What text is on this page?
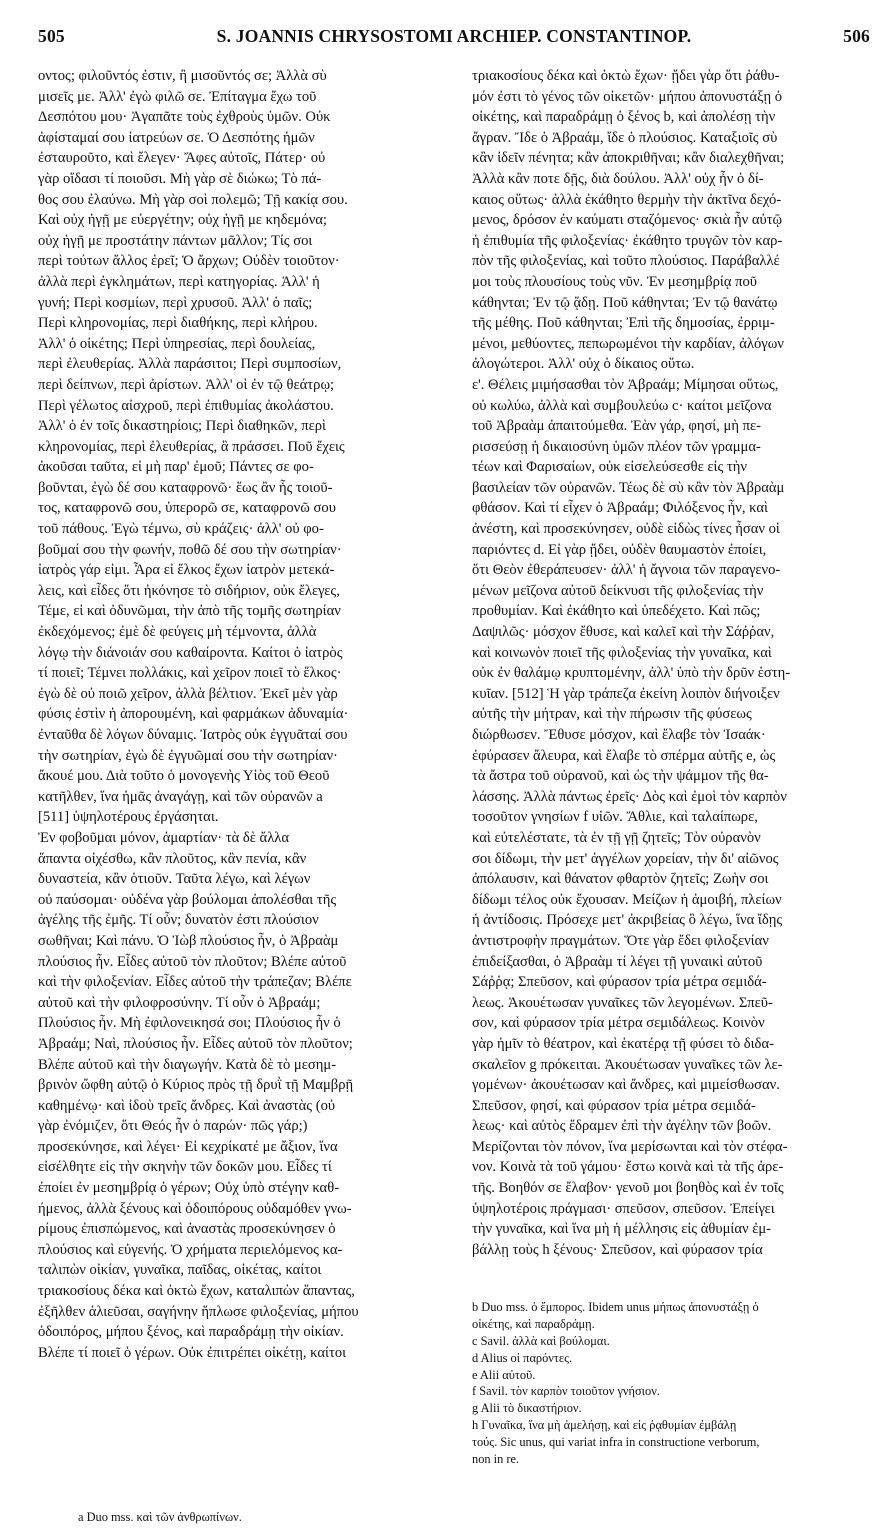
505	S. JOANNIS CHRYSOSTOMI ARCHIEP. CONSTANTINOP.	506
οντος; φιλοῦντός ἐστιν, ἢ μισοῦντός σε; Ἀλλὰ σὺ
μισεῖς με. Ἀλλ' ἐγὼ φιλῶ σε. Ἐπίταγμα ἔχω τοῦ
Δεσπότου μου· Ἀγαπᾶτε τοὺς ἐχθροὺς ὑμῶν. Οὐκ
ἀφίσταμαί σου ἰατρεύων σε. Ὁ Δεσπότης ἡμῶν
ἐσταυροῦτο, καὶ ἔλεγεν· Ἄφες αὐτοῖς, Πάτερ· οὐ
γὰρ οἴδασι τί ποιοῦσι. Μὴ γὰρ σὲ διώκω; Τὸ πά-
θος σου ἐλαύνω. Μὴ γὰρ σοὶ πολεμῶ; Τῇ κακίᾳ σου.
Καὶ οὐχ ἡγῇ με εὐεργέτην; οὐχ ἡγῇ με κηδεμόνα;
οὐχ ἡγῇ με προστάτην πάντων μᾶλλον; Τίς σοι
περὶ τούτων ἄλλος ἐρεῖ; Ὁ ἄρχων; Οὐδὲν τοιοῦτον·
ἀλλὰ περὶ ἐγκλημάτων, περὶ κατηγορίας. Ἀλλ' ἡ
γυνή; Περὶ κοσμίων, περὶ χρυσοῦ. Ἀλλ' ὁ παῖς;
Περὶ κληρονομίας, περὶ διαθήκης, περὶ κλήρου.
Ἀλλ' ὁ οἰκέτης; Περὶ ὑπηρεσίας, περὶ δουλείας,
περὶ ἐλευθερίας. Ἀλλὰ παράσιτοι; Περὶ συμποσίων,
περὶ δείπνων, περὶ ἀρίστων. Ἀλλ' οἱ ἐν τῷ θεάτρῳ;
Περὶ γέλωτος αἰσχροῦ, περὶ ἐπιθυμίας ἀκολάστου.
Ἀλλ' ὁ ἐν τοῖς δικαστηρίοις; Περὶ διαθηκῶν, περὶ
κληρονομίας, περὶ ἐλευθερίας, ἃ πράσσει. Ποῦ ἔχεις
ἀκοῦσαι ταῦτα, εἰ μὴ παρ' ἐμοῦ; Πάντες σε φο-
βοῦνται, ἐγὼ δέ σου καταφρονῶ· ἕως ἂν ἧς τοιοῦ-
τος, καταφρονῶ σου, ὑπερορῶ σε, καταφρονῶ σου
τοῦ πάθους. Ἐγὼ τέμνω, σὺ κράζεις· ἀλλ' οὐ φο-
βοῦμαί σου τὴν φωνήν, ποθῶ δέ σου τὴν σωτηρίαν·
ἰατρὸς γάρ εἰμι. Ἆρα εἰ ἕλκος ἔχων ἰατρὸν μετεκά-
λεις, καὶ εἶδες ὅτι ἠκόνησε τὸ σιδήριον, οὐκ ἔλεγες,
Τέμε, εἰ καὶ ὀδυνῶμαι, τὴν ἀπὸ τῆς τομῆς σωτηρίαν
ἐκδεχόμενος; ἐμὲ δὲ φεύγεις μὴ τέμνοντα, ἀλλὰ
λόγῳ τὴν διάνοιάν σου καθαίροντα. Καίτοι ὁ ἰατρὸς
τί ποιεῖ; Τέμνει πολλάκις, καὶ χεῖρον ποιεῖ τὸ ἕλκος·
ἐγὼ δὲ οὐ ποιῶ χεῖρον, ἀλλὰ βέλτιον. Ἐκεῖ μὲν γὰρ
φύσις ἐστὶν ἡ ἀπορουμένη, καὶ φαρμάκων ἀδυναμία·
ἐνταῦθα δὲ λόγων δύναμις. Ἰατρὸς οὐκ ἐγγυᾶταί σου
τὴν σωτηρίαν, ἐγὼ δὲ ἐγγυῶμαί σου τὴν σωτηρίαν·
ἄκουέ μου. Διὰ τοῦτο ὁ μονογενὴς Υἱὸς τοῦ Θεοῦ
κατῆλθεν, ἵνα ἡμᾶς ἀναγάγῃ, καὶ τῶν οὐρανῶν a
[511] ὑψηλοτέρους ἐργάσηται.
Ἐν φοβοῦμαι μόνον, ἁμαρτίαν· τὰ δὲ ἄλλα
ἅπαντα οἰχέσθω, κἂν πλοῦτος, κἂν πενία, κἂν
δυναστεία, κἂν ὁτιοῦν. Ταῦτα λέγω, καὶ λέγων
οὐ παύσομαι· οὐδένα γὰρ βούλομαι ἀπολέσθαι τῆς
ἀγέλης τῆς ἐμῆς. Τί οὖν; δυνατὸν ἐστι πλούσιον
σωθῆναι; Καὶ πάνυ. Ὁ Ἰὼβ πλούσιος ἦν, ὁ Ἀβραὰμ
πλούσιος ἦν. Εἶδες αὐτοῦ τὸν πλοῦτον; Βλέπε αὐτοῦ
καὶ τὴν φιλοξενίαν. Εἶδες αὐτοῦ τὴν τράπεζαν; Βλέπε
αὐτοῦ καὶ τὴν φιλοφροσύνην. Τί οὖν ὁ Ἀβραάμ;
Πλούσιος ἦν. Μὴ ἐφιλονεικησά σοι; Πλούσιος ἦν ὁ
Ἀβραάμ; Ναὶ, πλούσιος ἦν. Εἶδες αὐτοῦ τὸν πλοῦτον;
Βλέπε αὐτοῦ καὶ τὴν διαγωγήν. Κατὰ δὲ τὸ μεσημ-
βρινὸν ὤφθη αὐτῷ ὁ Κύριος πρὸς τῇ δρυῒ τῇ Μαμβρῇ
καθημένῳ· καὶ ἰδοὺ τρεῖς ἄνδρες. Καὶ ἀναστὰς (οὐ
γὰρ ἐνόμιζεν, ὅτι Θεός ἦν ὁ παρών· πῶς γάρ;)
προσεκύνησε, καὶ λέγει· Εἰ κεχρίκατέ με ἄξιον, ἵνα
εἰσέλθητε εἰς τὴν σκηνὴν τῶν δοκῶν μου. Εἶδες τί
ἐποίει ἐν μεσημβρίᾳ ὁ γέρων; Οὐχ ὑπὸ στέγην καθ-
ήμενος, ἀλλὰ ξένους καὶ ὁδοιπόρους οὐδαμόθεν γνω-
ρίμους ἐπισπώμενος, καὶ ἀναστὰς προσεκύνησεν ὁ
πλούσιος καὶ εὐγενής. Ὁ χρήματα περιελόμενος κα-
ταλιπὼν οἰκίαν, γυναῖκα, παῖδας, οἰκέτας, καίτοι
τριακοσίους δέκα καὶ ὀκτὼ ἔχων, καταλιπὼν ἅπαντας,
ἐξῆλθεν ἁλιεῦσαι, σαγήνην ἥπλωσε φιλοξενίας, μήπου
ὁδοιπόρος, μήπου ξένος, καὶ παραδράμῃ τὴν οἰκίαν.
Βλέπε τί ποιεῖ ὁ γέρων. Οὐκ ἐπιτρέπει οἰκέτῃ, καίτοι
τριακοσίους δέκα καὶ ὀκτὼ ἔχων· ᾔδει γὰρ ὅτι ῥάθυ-
μόν ἐστι τὸ γένος τῶν οἰκετῶν· μήπου ἀπονυστάξῃ ὁ
οἰκέτης, καὶ παραδράμῃ ὁ ξένος b, καὶ ἀπολέσῃ τὴν
ἄγραν. Ἴδε ὁ Ἀβραάμ, ἴδε ὁ πλούσιος. Καταξιοῖς σὺ
κἂν ἰδεῖν πένητα; κἂν ἀποκριθῆναι; κἂν διαλεχθῆναι;
Ἀλλὰ κἂν ποτε δῇς, διὰ δούλου. Ἀλλ' οὐχ ἦν ὁ δί-
καιος οὕτως· ἀλλὰ ἐκάθητο θερμὴν τὴν ἀκτῖνα δεχό-
μενος, δρόσον ἐν καύματι σταζόμενος· σκιὰ ἦν αὐτῷ
ἡ ἐπιθυμία τῆς φιλοξενίας· ἐκάθητο τρυγῶν τὸν καρ-
πὸν τῆς φιλοξενίας, καὶ τοῦτο πλούσιος. Παράβαλλέ
μοι τοὺς πλουσίους τοὺς νῦν. Ἐν μεσημβρίᾳ ποῦ
κάθηνται; Ἐν τῷ ᾅδῃ. Ποῦ κάθηνται; Ἐν τῷ θανάτῳ
τῆς μέθης. Ποῦ κάθηνται; Ἐπὶ τῆς δημοσίας, ἐρριμ-
μένοι, μεθύοντες, πεπωρωμένοι τὴν καρδίαν, ἀλόγων
ἀλογώτεροι. Ἀλλ' οὐχ ὁ δίκαιος οὕτω.
ε'. Θέλεις μιμήσασθαι τὸν Ἀβραάμ; Μίμησαι οὕτως,
οὐ κωλύω, ἀλλὰ καὶ συμβουλεύω c· καίτοι μεῖζονα
τοῦ Ἀβραὰμ ἀπαιτούμεθα. Ἐὰν γάρ, φησί, μὴ πε-
ρισσεύσῃ ἡ δικαιοσύνη ὑμῶν πλέον τῶν γραμμα-
τέων καὶ Φαρισαίων, οὐκ εἰσελεύσεσθε εἰς τὴν
βασιλείαν τῶν οὐρανῶν. Τέως δὲ σὺ κἂν τὸν Ἀβραὰμ
φθάσον. Καὶ τί εἶχεν ὁ Ἀβραάμ; Φιλόξενος ἦν, καὶ
ἀνέστη, καὶ προσεκύνησεν, οὐδὲ εἰδὼς τίνες ἦσαν οἱ
παριόντες d. Εἰ γὰρ ᾔδει, οὐδὲν θαυμαστὸν ἐποίει,
ὅτι Θεὸν ἐθεράπευσεν· ἀλλ' ἡ ἄγνοια τῶν παραγενο-
μένων μεῖζονα αὐτοῦ δείκνυσι τῆς φιλοξενίας τὴν
προθυμίαν. Καὶ ἐκάθητο καὶ ὑπεδέχετο. Καὶ πῶς;
Δαψιλῶς· μόσχον ἔθυσε, καὶ καλεῖ καὶ τὴν Σάῤῥαν,
καὶ κοινωνὸν ποιεῖ τῆς φιλοξενίας τὴν γυναῖκα, καὶ
οὐκ ἐν θαλάμῳ κρυπτομένην, ἀλλ' ὑπὸ τὴν δρῦν ἑστη-
κυῖαν. [512] Ἡ γὰρ τράπεζα ἐκείνη λοιπὸν διήνοιξεν
αὐτῆς τὴν μήτραν, καὶ τὴν πήρωσιν τῆς φύσεως
διώρθωσεν. Ἔθυσε μόσχον, καὶ ἔλαβε τὸν Ἰσαάκ·
ἐφύρασεν ἄλευρα, καὶ ἔλαβε τὸ σπέρμα αὐτῆς e, ὡς
τὰ ἄστρα τοῦ οὐρανοῦ, καὶ ὡς τὴν ψάμμον τῆς θα-
λάσσης. Ἀλλὰ πάντως ἐρεῖς· Δὸς καὶ ἐμοὶ τὸν καρπὸν
τοσοῦτον γνησίων f υἱῶν. Ἄθλιε, καὶ ταλαίπωρε,
καὶ εὐτελέστατε, τὰ ἐν τῇ γῇ ζητεῖς; Τὸν οὐρανὸν
σοι δίδωμι, τὴν μετ' ἀγγέλων χορείαν, τὴν δι' αἰῶνος
ἀπόλαυσιν, καὶ θάνατον φθαρτὸν ζητεῖς; Ζωὴν σοι
δίδωμι τέλος οὐκ ἔχουσαν. Μείζων ἡ ἀμοιβή, πλείων
ἡ ἀντίδοσις. Πρόσεχε μετ' ἀκριβείας ὃ λέγω, ἵνα ἴδῃς
ἀντιστροφὴν πραγμάτων. Ὅτε γὰρ ἔδει φιλοξενίαν
ἐπιδείξασθαι, ὁ Ἀβραὰμ τί λέγει τῇ γυναικὶ αὐτοῦ
Σάῤῥᾳ; Σπεῦσον, καὶ φύρασον τρία μέτρα σεμιδά-
λεως. Ἀκουέτωσαν γυναῖκες τῶν λεγομένων. Σπεῦ-
σον, καὶ φύρασον τρία μέτρα σεμιδάλεως. Κοινὸν
γὰρ ἡμῖν τὸ θέατρον, καὶ ἑκατέρᾳ τῇ φύσει τὸ διδα-
σκαλεῖον g πρόκειται. Ἀκουέτωσαν γυναῖκες τῶν λε-
γομένων· ἀκουέτωσαν καὶ ἄνδρες, καὶ μιμείσθωσαν.
Σπεῦσον, φησί, καὶ φύρασον τρία μέτρα σεμιδά-
λεως· καὶ αὐτὸς ἔδραμεν ἐπὶ τὴν ἀγέλην τῶν βοῶν.
Μερίζονται τὸν πόνον, ἵνα μερίσωνται καὶ τὸν στέφα-
νον. Κοινὰ τὰ τοῦ γάμου· ἔστω κοινὰ καὶ τὰ τῆς ἀρε-
τῆς. Βοηθόν σε ἔλαβον· γενοῦ μοι βοηθὸς καὶ ἐν τοῖς
ὑψηλοτέροις πράγμασι· σπεῦσον, σπεῦσον. Ἐπείγει
τὴν γυναῖκα, καὶ ἵνα μὴ ἡ μέλλησις εἰς ἀθυμίαν ἐμ-
βάλλῃ τοὺς h ξένους· Σπεῦσον, καὶ φύρασον τρία
a Duo mss. καὶ τῶν ἀνθρωπίνων.
b Duo mss. ὁ ἔμπορος. Ibidem unus μήπως ἀπονυστάξῃ ὁ
οἰκέτης, καὶ παραδράμῃ.
c Savil. ἀλλὰ καὶ βούλομαι.
d Alius οἱ παρόντες.
e Alii αὐτοῦ.
f Savil. τὸν καρπὸν τοιοῦτον γνήσιον.
g Alii τὸ δικαστήριον.
h Γυναῖκα, ἵνα μὴ ἀμελήσῃ, καὶ εἰς ῥᾳθυμίαν ἐμβάλῃ
τούς. Sic unus, qui variat infra in constructione verborum,
non in re.
